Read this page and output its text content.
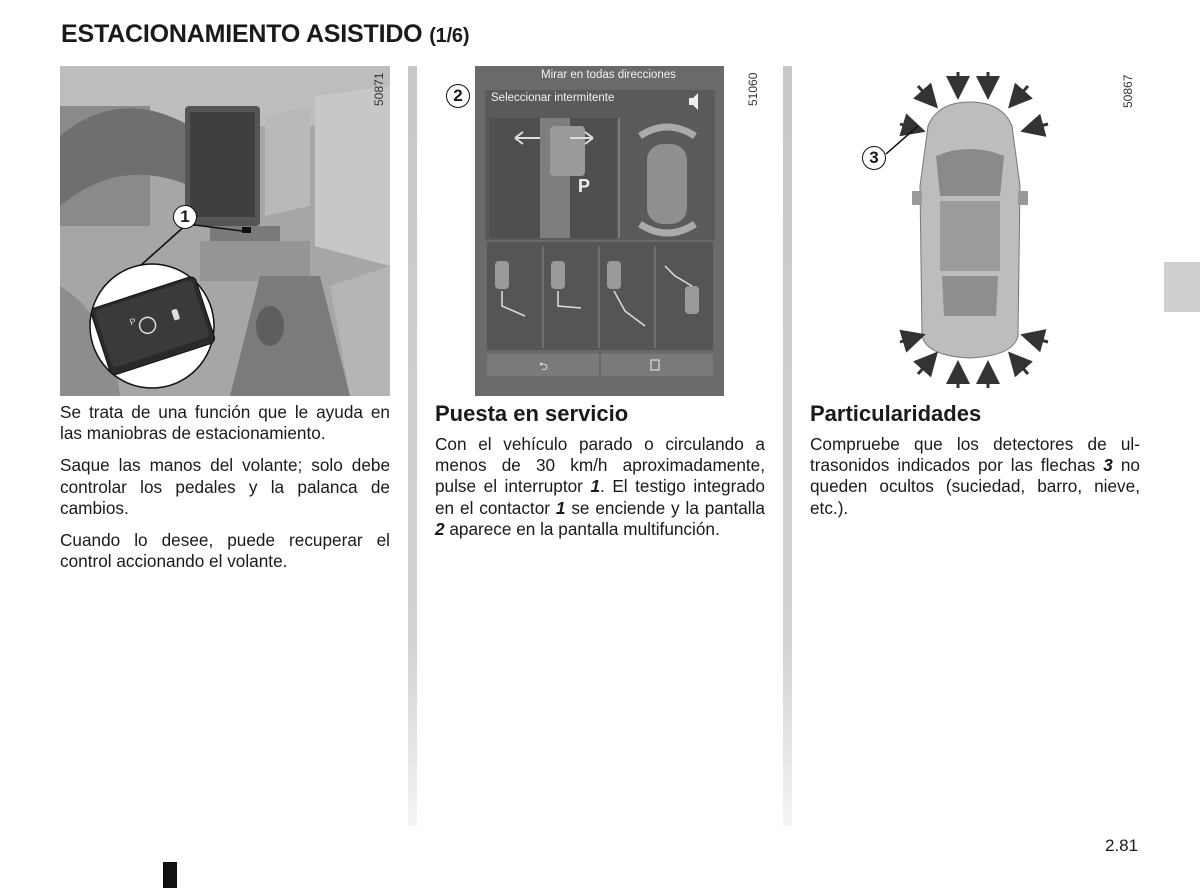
ESTACIONAMIENTO ASISTIDO (1/6)
P
50871
1
P
⮌
Mirar en todas direcciones
Seleccionar intermitente	51060
2	50867
3

Se trata de una función que le ayuda en las maniobras de estacionamiento.

Saque las manos del volante; solo debe controlar los pedales y la palanca de cambios.

Cuando lo desee, puede recuperar el control accionando el volante.

Puesta en servicio

Con el vehículo parado o circulando a menos de 30 km/h aproximadamente, pulse el interruptor 1. El testigo integrado en el contactor 1 se enciende y la pantalla 2 aparece en la pantalla multifunción.

Particularidades

Compruebe que los detectores de ultrasonidos indicados por las flechas 3 no queden ocultos (suciedad, barro, nieve, etc.).

2.81
